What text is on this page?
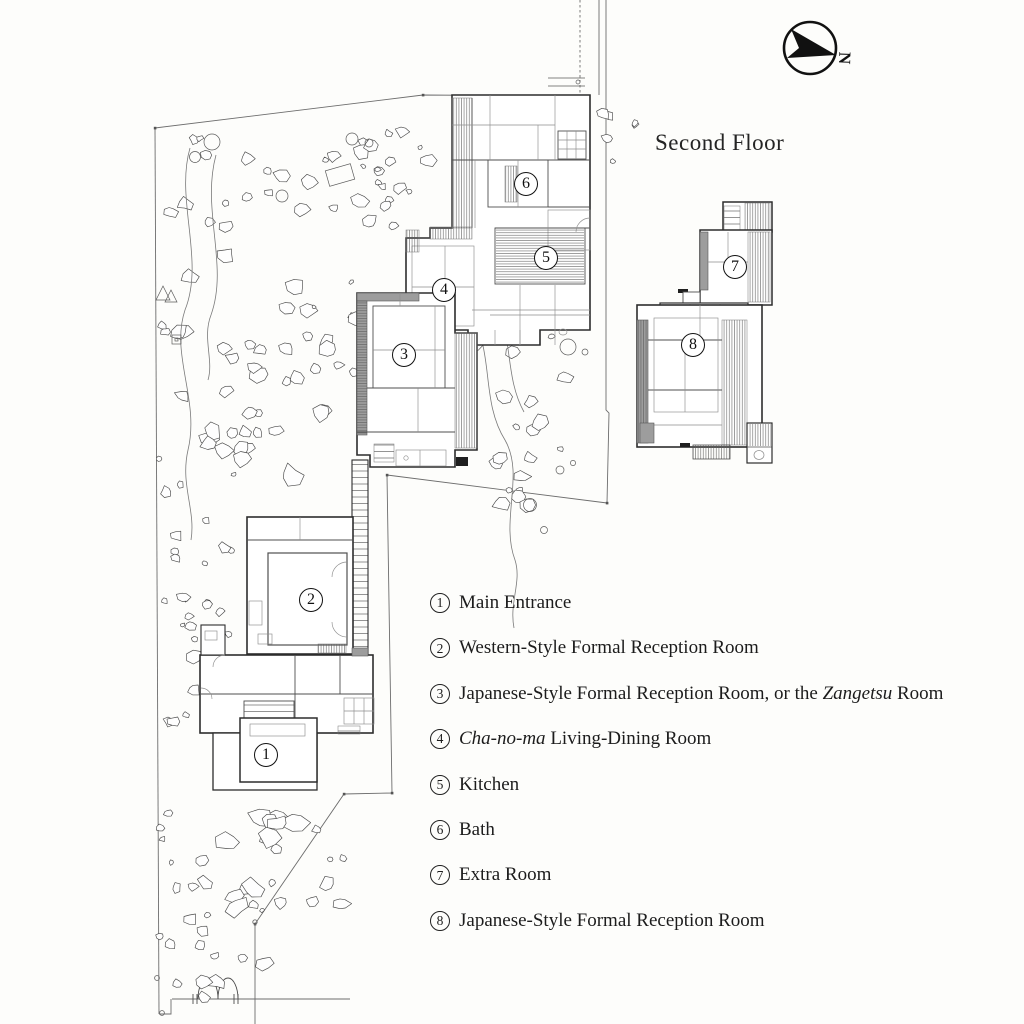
1
2
3
4
5
6
7
8
Second Floor
N
1 Main Entrance
2 Western-Style Formal Reception Room
3 Japanese-Style Formal Reception Room, or the Zangetsu Room
4 Cha-no-ma Living-Dining Room
5 Kitchen
6 Bath
7 Extra Room
8 Japanese-Style Formal Reception Room
